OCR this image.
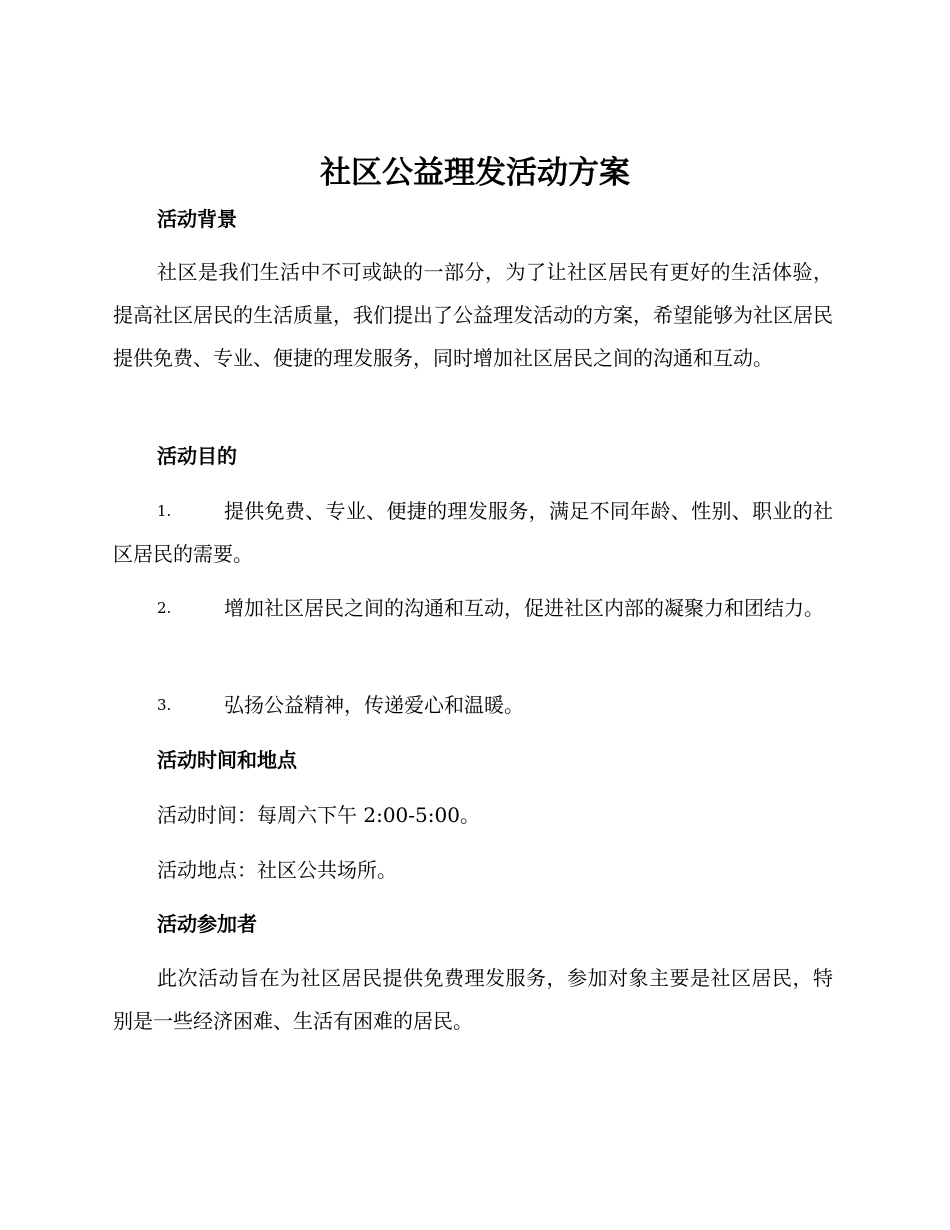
社区公益理发活动方案
活动背景

社区是我们生活中不可或缺的一部分，为了让社区居民有更好的生活体验，提高社区居民的生活质量，我们提出了公益理发活动的方案，希望能够为社区居民提供免费、专业、便捷的理发服务，同时增加社区居民之间的沟通和互动。

活动目的
1.	提供免费、专业、便捷的理发服务，满足不同年龄、性别、职业的社区居民的需要。
2.	增加社区居民之间的沟通和互动，促进社区内部的凝聚力和团结力。
3.	弘扬公益精神，传递爱心和温暖。
活动时间和地点

活动时间：每周六下午 2:00-5:00。

活动地点：社区公共场所。

活动参加者

此次活动旨在为社区居民提供免费理发服务，参加对象主要是社区居民，特别是一些经济困难、生活有困难的居民。
